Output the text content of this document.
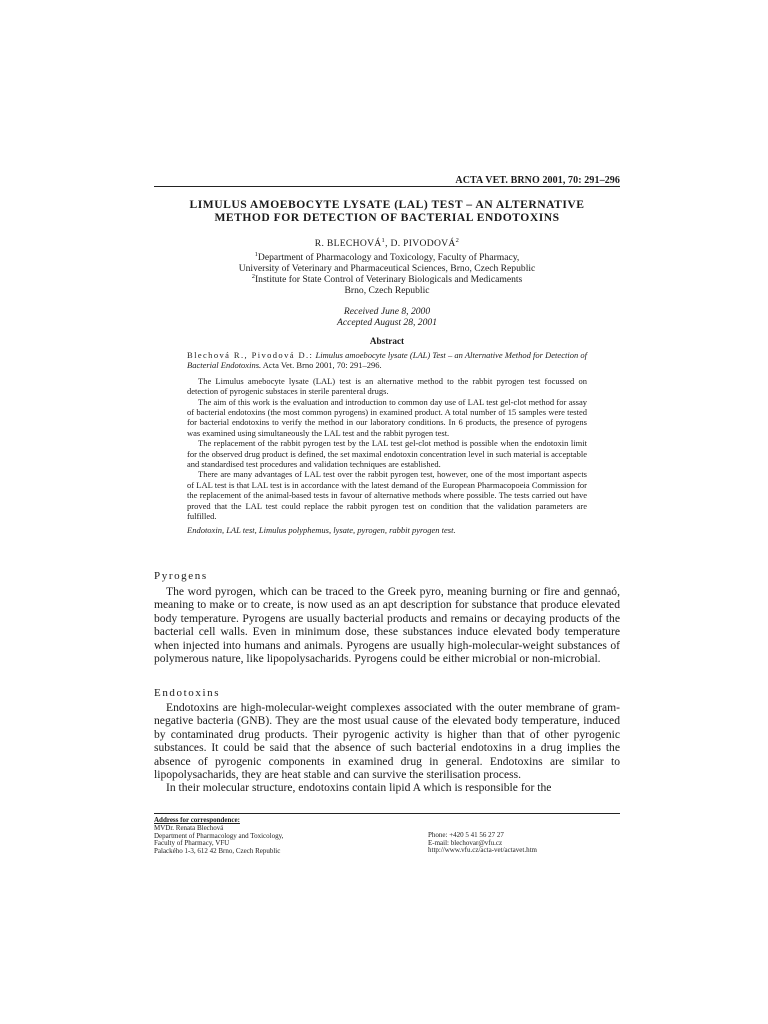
ACTA VET. BRNO 2001, 70: 291–296
LIMULUS AMOEBOCYTE LYSATE (LAL) TEST – AN ALTERNATIVE
METHOD FOR DETECTION OF BACTERIAL ENDOTOXINS
R. BLECHOVÁ$^1$, D. PIVODOVÁ$^2$
$^1$Department of Pharmacology and Toxicology, Faculty of Pharmacy,
University of Veterinary and Pharmaceutical Sciences, Brno, Czech Republic
$^2$Institute for State Control of Veterinary Biologicals and Medicaments
Brno, Czech Republic
Received June 8, 2000
Accepted August 28, 2001
Abstract

Blechová R., Pivodová D.: Limulus amoebocyte lysate (LAL) Test – an Alternative Method for Detection of Bacterial Endotoxins. Acta Vet. Brno 2001, 70: 291–296.

The Limulus amebocyte lysate (LAL) test is an alternative method to the rabbit pyrogen test focussed on detection of pyrogenic substaces in sterile parenteral drugs.

The aim of this work is the evaluation and introduction to common day use of LAL test gel-clot method for assay of bacterial endotoxins (the most common pyrogens) in examined product. A total number of 15 samples were tested for bacterial endotoxins to verify the method in our laboratory conditions. In 6 products, the presence of pyrogens was examined using simultaneously the LAL test and the rabbit pyrogen test.

The replacement of the rabbit pyrogen test by the LAL test gel-clot method is possible when the endotoxin limit for the observed drug product is defined, the set maximal endotoxin concentration level in such material is acceptable and standardised test procedures and validation techniques are established.

There are many advantages of LAL test over the rabbit pyrogen test, however, one of the most important aspects of LAL test is that LAL test is in accordance with the latest demand of the European Pharmacopoeia Commission for the replacement of the animal-based tests in favour of alternative methods where possible. The tests carried out have proved that the LAL test could replace the rabbit pyrogen test on condition that the validation parameters are fulfilled.

Endotoxin, LAL test, Limulus polyphemus, lysate, pyrogen, rabbit pyrogen test.

Pyrogens

The word pyrogen, which can be traced to the Greek pyro, meaning burning or fire and gennaó, meaning to make or to create, is now used as an apt description for substance that produce elevated body temperature. Pyrogens are usually bacterial products and remains or decaying products of the bacterial cell walls. Even in minimum dose, these substances induce elevated body temperature when injected into humans and animals. Pyrogens are usually high-molecular-weight substances of polymerous nature, like lipopolysacharids. Pyrogens could be either microbial or non-microbial.

Endotoxins

Endotoxins are high-molecular-weight complexes associated with the outer membrane of gram-negative bacteria (GNB). They are the most usual cause of the elevated body temperature, induced by contaminated drug products. Their pyrogenic activity is higher than that of other pyrogenic substances. It could be said that the absence of such bacterial endotoxins in a drug implies the absence of pyrogenic components in examined drug in general. Endotoxins are similar to lipopolysacharids, they are heat stable and can survive the sterilisation process.

In their molecular structure, endotoxins contain lipid A which is responsible for the

Address for correspondence:
MVDr. Renata Blechová
Department of Pharmacology and Toxicology,
Faculty of Pharmacy, VFU
Palackého 1-3, 612 42 Brno, Czech Republic
Phone: +420 5 41 56 27 27
E-mail: blechovar@vfu.cz
http://www.vfu.cz/acta-vet/actavet.htm
